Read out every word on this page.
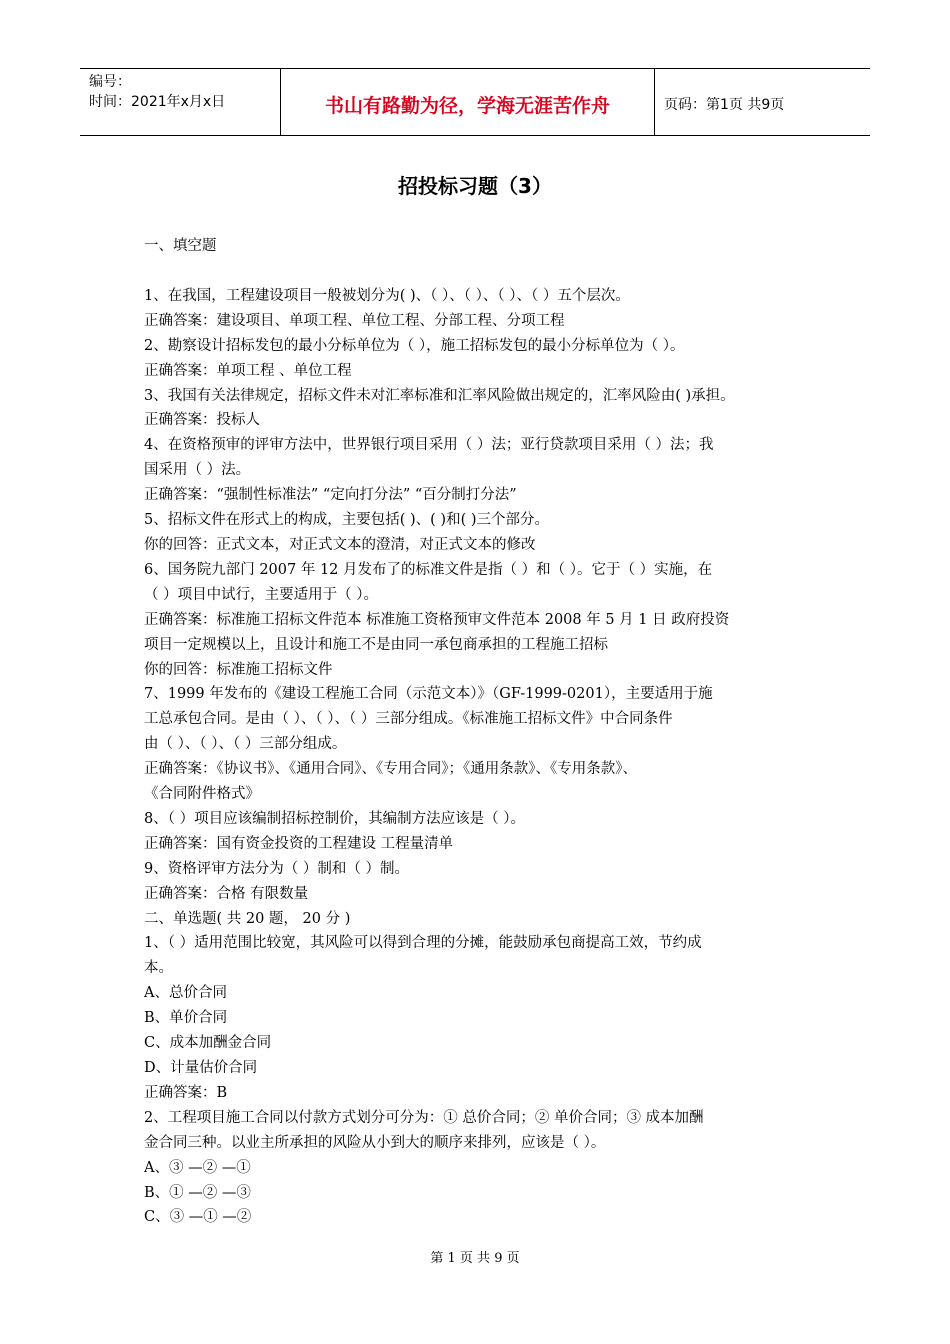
编号：
时间：2021年x月x日	书山有路勤为径，学海无涯苦作舟	页码：第1页 共9页
招投标习题（3）
一、填空题
1、在我国，工程建设项目一般被划分为( )、（ ）、（ ）、（ ）、（ ）五个层次。
正确答案：建设项目、单项工程、单位工程、分部工程、分项工程
2、勘察设计招标发包的最小分标单位为（ ），施工招标发包的最小分标单位为（ ）。
正确答案：单项工程 、单位工程
3、我国有关法律规定，招标文件未对汇率标准和汇率风险做出规定的，汇率风险由( )承担。
正确答案：投标人
4、在资格预审的评审方法中，世界银行项目采用（ ）法；亚行贷款项目采用（ ）法；我
国采用（ ）法。
正确答案：“强制性标准法” “定向打分法” “百分制打分法”
5、招标文件在形式上的构成，主要包括( )、( )和( )三个部分。
你的回答：正式文本，对正式文本的澄清，对正式文本的修改
6、国务院九部门 2007 年 12 月发布了的标准文件是指（ ）和（ ）。它于（ ）实施，在
（ ）项目中试行，主要适用于（ ）。
正确答案：标准施工招标文件范本 标准施工资格预审文件范本 2008 年 5 月 1 日 政府投资
项目一定规模以上，且设计和施工不是由同一承包商承担的工程施工招标
你的回答：标准施工招标文件
7、1999 年发布的《建设工程施工合同（示范文本）》（GF-1999-0201），主要适用于施
工总承包合同。是由（ ）、（ ）、（ ）三部分组成。《标准施工招标文件》中合同条件
由（ ）、（ ）、（ ）三部分组成。
正确答案：《协议书》、《通用合同》、《专用合同》；《通用条款》、《专用条款》、
《合同附件格式》
8、（ ）项目应该编制招标控制价，其编制方法应该是（ ）。
正确答案：国有资金投资的工程建设 工程量清单
9、资格评审方法分为（ ）制和（ ）制。
正确答案：合格 有限数量
二、单选题( 共 20 题， 20 分 )
1、（ ）适用范围比较宽，其风险可以得到合理的分摊，能鼓励承包商提高工效，节约成
本。
A、总价合同
B、单价合同
C、成本加酬金合同
D、计量估价合同
正确答案：B
2、工程项目施工合同以付款方式划分可分为：① 总价合同；② 单价合同；③ 成本加酬
金合同三种。以业主所承担的风险从小到大的顺序来排列，应该是（ ）。
A、③ —② —①
B、① —② —③
C、③ —① —②
第 1 页 共 9 页
